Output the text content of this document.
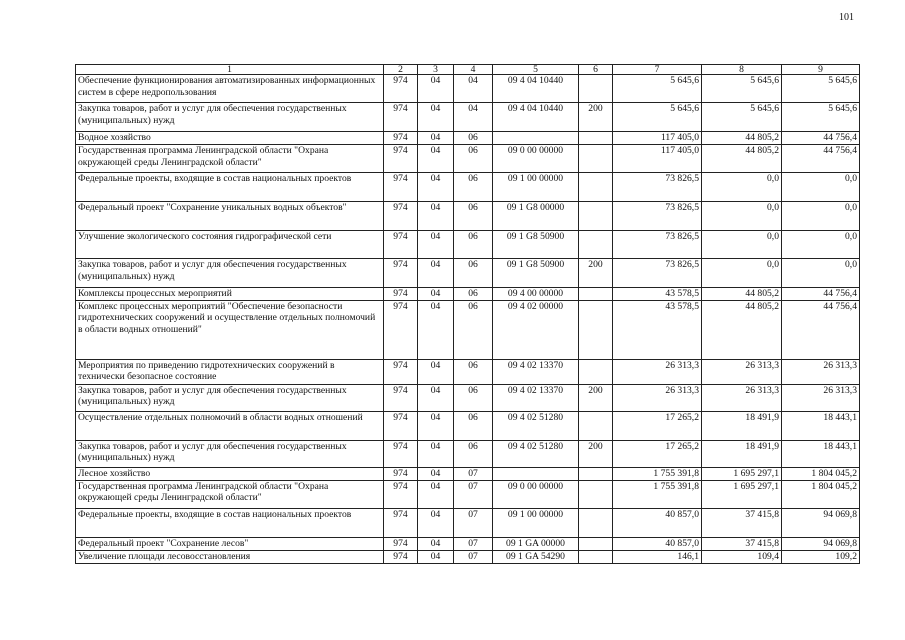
101
1	2	3	4	5	6	7	8	9
Обеспечение функционирования автоматизированных информационных систем в сфере недропользования	974	04	04	09 4 04 10440		5 645,6	5 645,6	5 645,6
Закупка товаров, работ и услуг для обеспечения государственных (муниципальных) нужд	974	04	04	09 4 04 10440	200	5 645,6	5 645,6	5 645,6
Водное хозяйство	974	04	06			117 405,0	44 805,2	44 756,4
Государственная программа Ленинградской области "Охрана окружающей среды Ленинградской области"	974	04	06	09 0 00 00000		117 405,0	44 805,2	44 756,4
Федеральные проекты, входящие в состав национальных проектов	974	04	06	09 1 00 00000		73 826,5	0,0	0,0
Федеральный проект "Сохранение уникальных водных объектов"	974	04	06	09 1 G8 00000		73 826,5	0,0	0,0
Улучшение экологического состояния гидрографической сети	974	04	06	09 1 G8 50900		73 826,5	0,0	0,0
Закупка товаров, работ и услуг для обеспечения государственных (муниципальных) нужд	974	04	06	09 1 G8 50900	200	73 826,5	0,0	0,0
Комплексы процессных мероприятий	974	04	06	09 4 00 00000		43 578,5	44 805,2	44 756,4
Комплекс процессных мероприятий "Обеспечение безопасности гидротехнических сооружений и осуществление отдельных полномочий в области водных отношений"	974	04	06	09 4 02 00000		43 578,5	44 805,2	44 756,4
Мероприятия по приведению гидротехнических сооружений в технически безопасное состояние	974	04	06	09 4 02 13370		26 313,3	26 313,3	26 313,3
Закупка товаров, работ и услуг для обеспечения государственных (муниципальных) нужд	974	04	06	09 4 02 13370	200	26 313,3	26 313,3	26 313,3
Осуществление отдельных полномочий в области водных отношений	974	04	06	09 4 02 51280		17 265,2	18 491,9	18 443,1
Закупка товаров, работ и услуг для обеспечения государственных (муниципальных) нужд	974	04	06	09 4 02 51280	200	17 265,2	18 491,9	18 443,1
Лесное хозяйство	974	04	07			1 755 391,8	1 695 297,1	1 804 045,2
Государственная программа Ленинградской области "Охрана окружающей среды Ленинградской области"	974	04	07	09 0 00 00000		1 755 391,8	1 695 297,1	1 804 045,2
Федеральные проекты, входящие в состав национальных проектов	974	04	07	09 1 00 00000		40 857,0	37 415,8	94 069,8
Федеральный проект "Сохранение лесов"	974	04	07	09 1 GA 00000		40 857,0	37 415,8	94 069,8
Увеличение площади лесовосстановления	974	04	07	09 1 GA 54290		146,1	109,4	109,2
